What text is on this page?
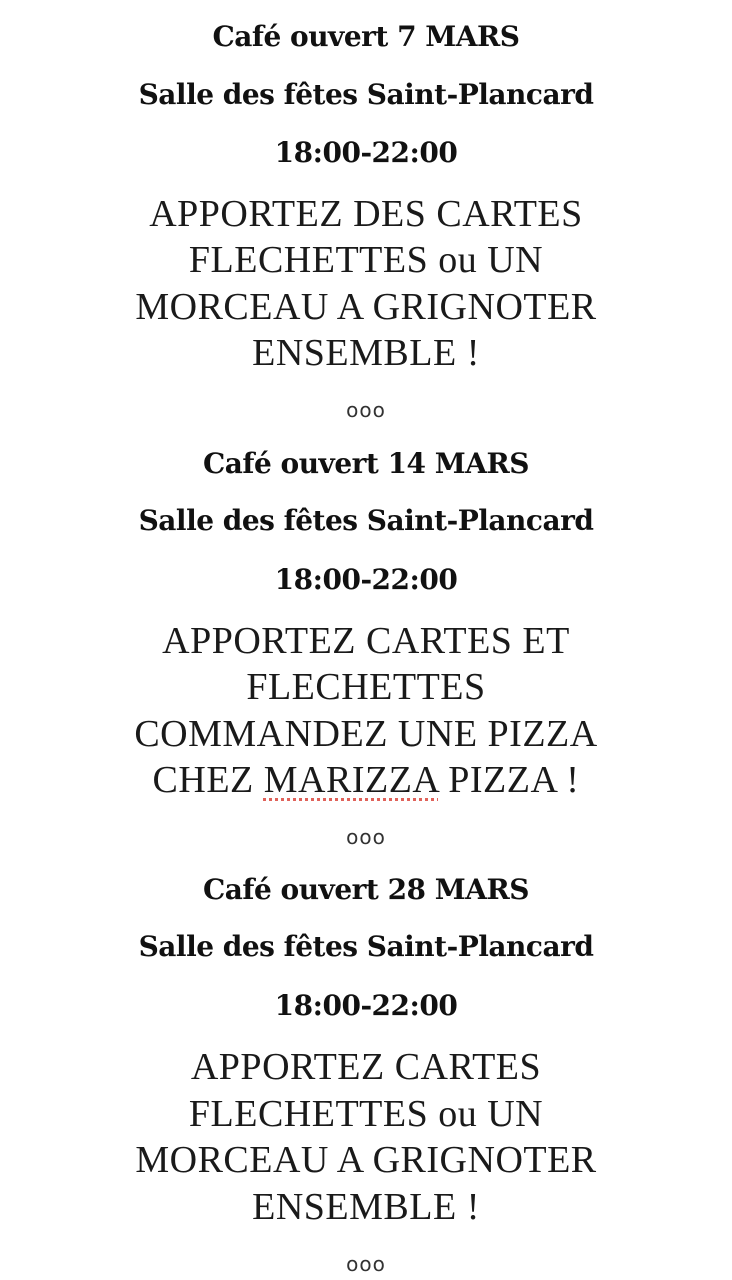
Café ouvert 7 MARS
Salle des fêtes Saint-Plancard
18:00-22:00
APPORTEZ DES CARTES
FLECHETTES ou UN
MORCEAU A GRIGNOTER
ENSEMBLE !
ooo
Café ouvert 14 MARS
Salle des fêtes Saint-Plancard
18:00-22:00
APPORTEZ CARTES ET
FLECHETTES
COMMANDEZ UNE PIZZA
CHEZ MARIZZA PIZZA !
ooo
Café ouvert 28 MARS
Salle des fêtes Saint-Plancard
18:00-22:00
APPORTEZ CARTES
FLECHETTES ou UN
MORCEAU A GRIGNOTER
ENSEMBLE !
ooo
